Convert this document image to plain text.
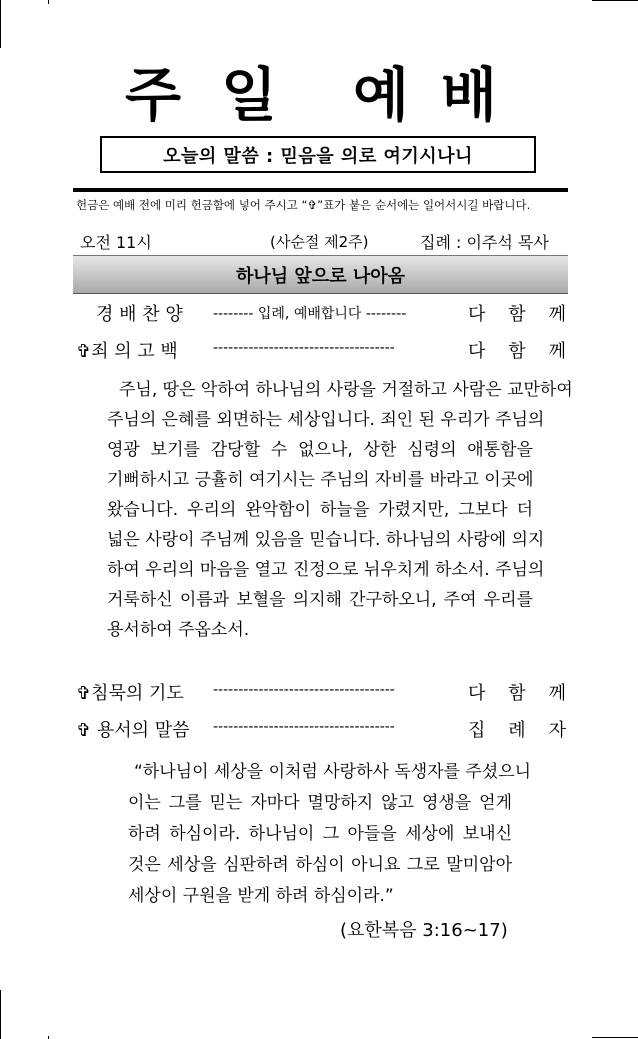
주 일 예 배
오늘의 말씀 : 믿음을 의로 여기시나니
헌금은 예배 전에 미리 헌금함에 넣어 주시고 “✞”표가 붙은 순서에는 일어서시길 바랍니다.
오전 11시	(사순절 제2주)	집례 : 이주석 목사
하나님 앞으로 나아옴
경 배 찬 양 -------- 입례, 예배합니다 --------	다 함 께
✞죄 의 고 백	------------------------------------	다 함 께
주님, 땅은 악하여 하나님의 사랑을 거절하고 사람은 교만하여
주님의 은혜를 외면하는 세상입니다. 죄인 된 우리가 주님의
영광 보기를 감당할 수 없으나, 상한 심령의 애통함을
기뻐하시고 긍휼히 여기시는 주님의 자비를 바라고 이곳에
왔습니다. 우리의 완악함이 하늘을 가렸지만, 그보다 더
넓은 사랑이 주님께 있음을 믿습니다. 하나님의 사랑에 의지
하여 우리의 마음을 열고 진정으로 뉘우치게 하소서. 주님의
거룩하신 이름과 보혈을 의지해 간구하오니, 주여 우리를
용서하여 주옵소서.
✞침묵의 기도 ------------------------------------	다 함 께
✞ 용서의 말씀 ------------------------------------	집 례 자
“하나님이 세상을 이처럼 사랑하사 독생자를 주셨으니
이는 그를 믿는 자마다 멸망하지 않고 영생을 얻게
하려 하심이라. 하나님이 그 아들을 세상에 보내신
것은 세상을 심판하려 하심이 아니요 그로 말미암아
세상이 구원을 받게 하려 하심이라.”
(요한복음 3:16~17)
